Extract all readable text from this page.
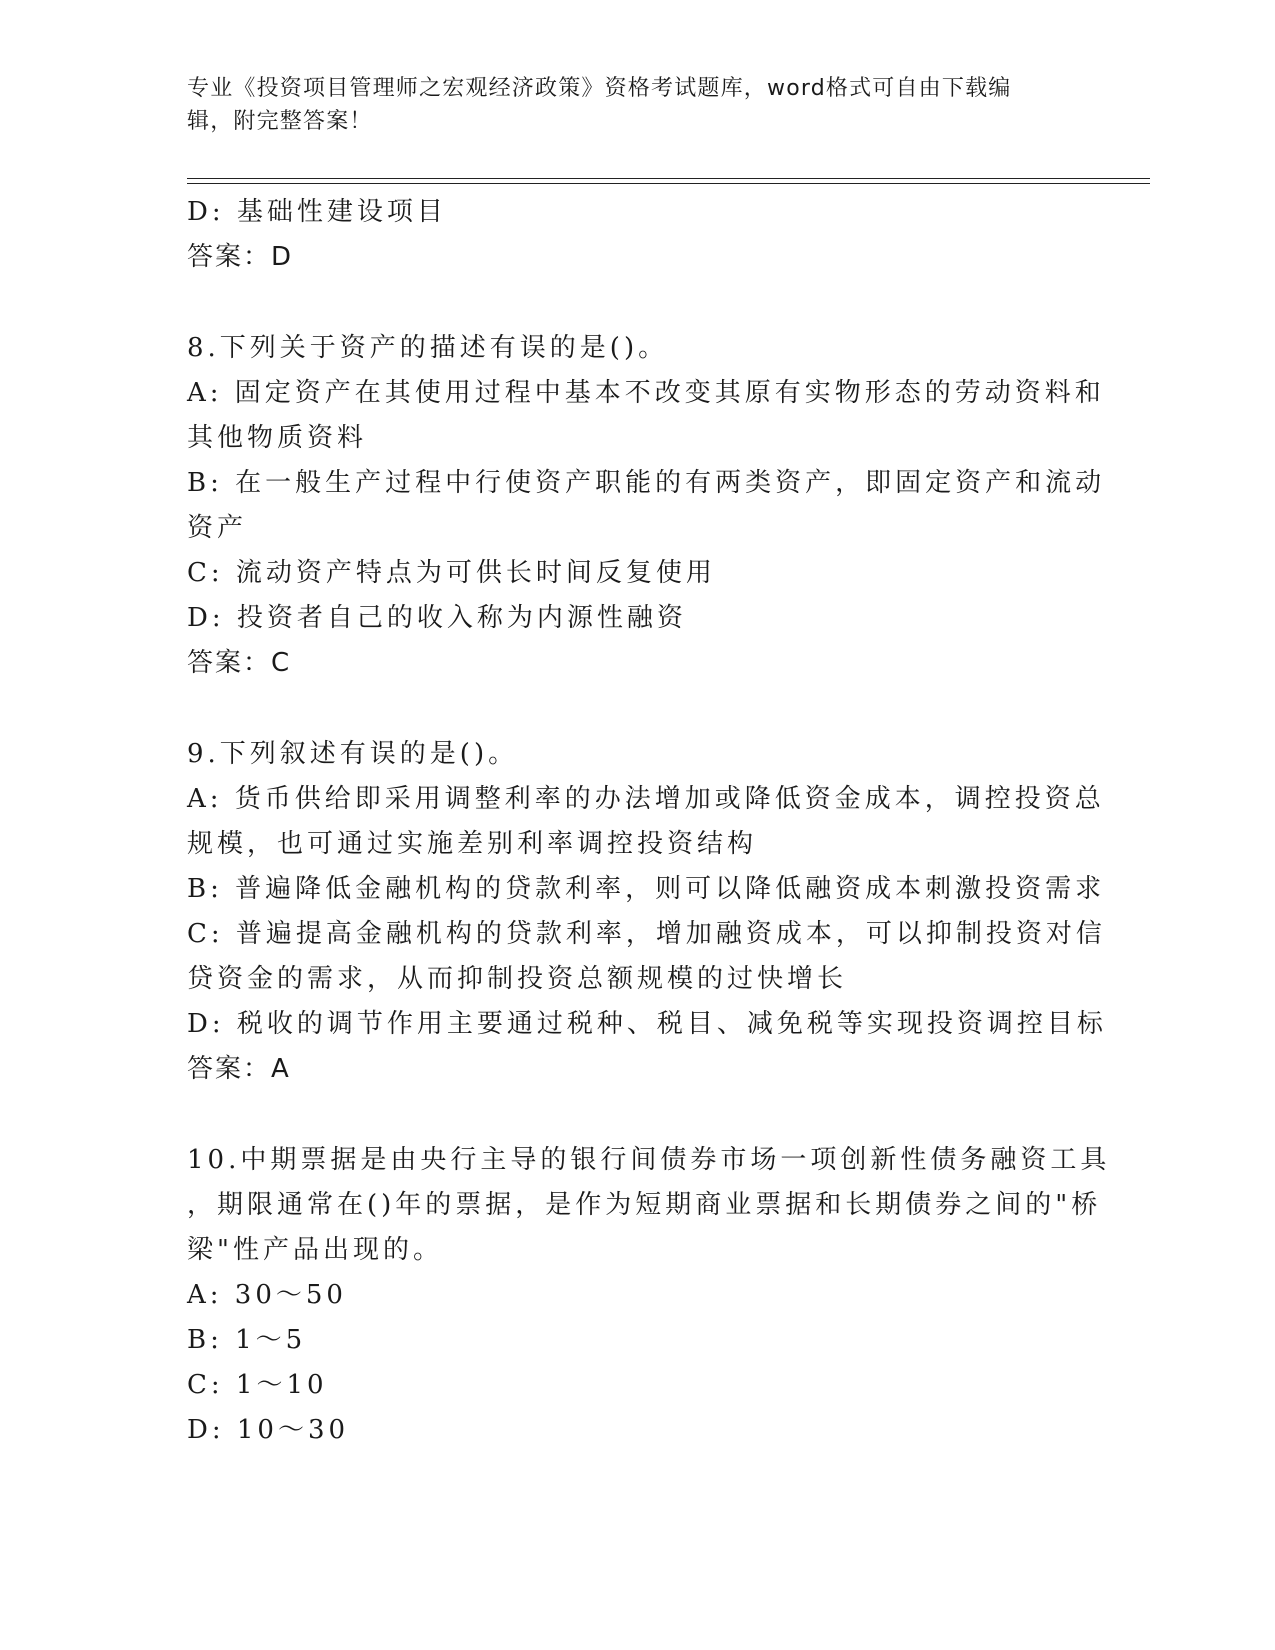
专业《投资项目管理师之宏观经济政策》资格考试题库，word格式可自由下载编
辑，附完整答案！
D: 基础性建设项目
答案：D
8.下列关于资产的描述有误的是()。
A: 固定资产在其使用过程中基本不改变其原有实物形态的劳动资料和
其他物质资料
B: 在一般生产过程中行使资产职能的有两类资产，即固定资产和流动
资产
C: 流动资产特点为可供长时间反复使用
D: 投资者自己的收入称为内源性融资
答案：C
9.下列叙述有误的是()。
A: 货币供给即采用调整利率的办法增加或降低资金成本，调控投资总
规模，也可通过实施差别利率调控投资结构
B: 普遍降低金融机构的贷款利率，则可以降低融资成本刺激投资需求
C: 普遍提高金融机构的贷款利率，增加融资成本，可以抑制投资对信
贷资金的需求，从而抑制投资总额规模的过快增长
D: 税收的调节作用主要通过税种、税目、减免税等实现投资调控目标
答案：A
10.中期票据是由央行主导的银行间债券市场一项创新性债务融资工具
，期限通常在()年的票据，是作为短期商业票据和长期债券之间的"桥
梁"性产品出现的。
A: 30～50
B: 1～5
C: 1～10
D: 10～30
